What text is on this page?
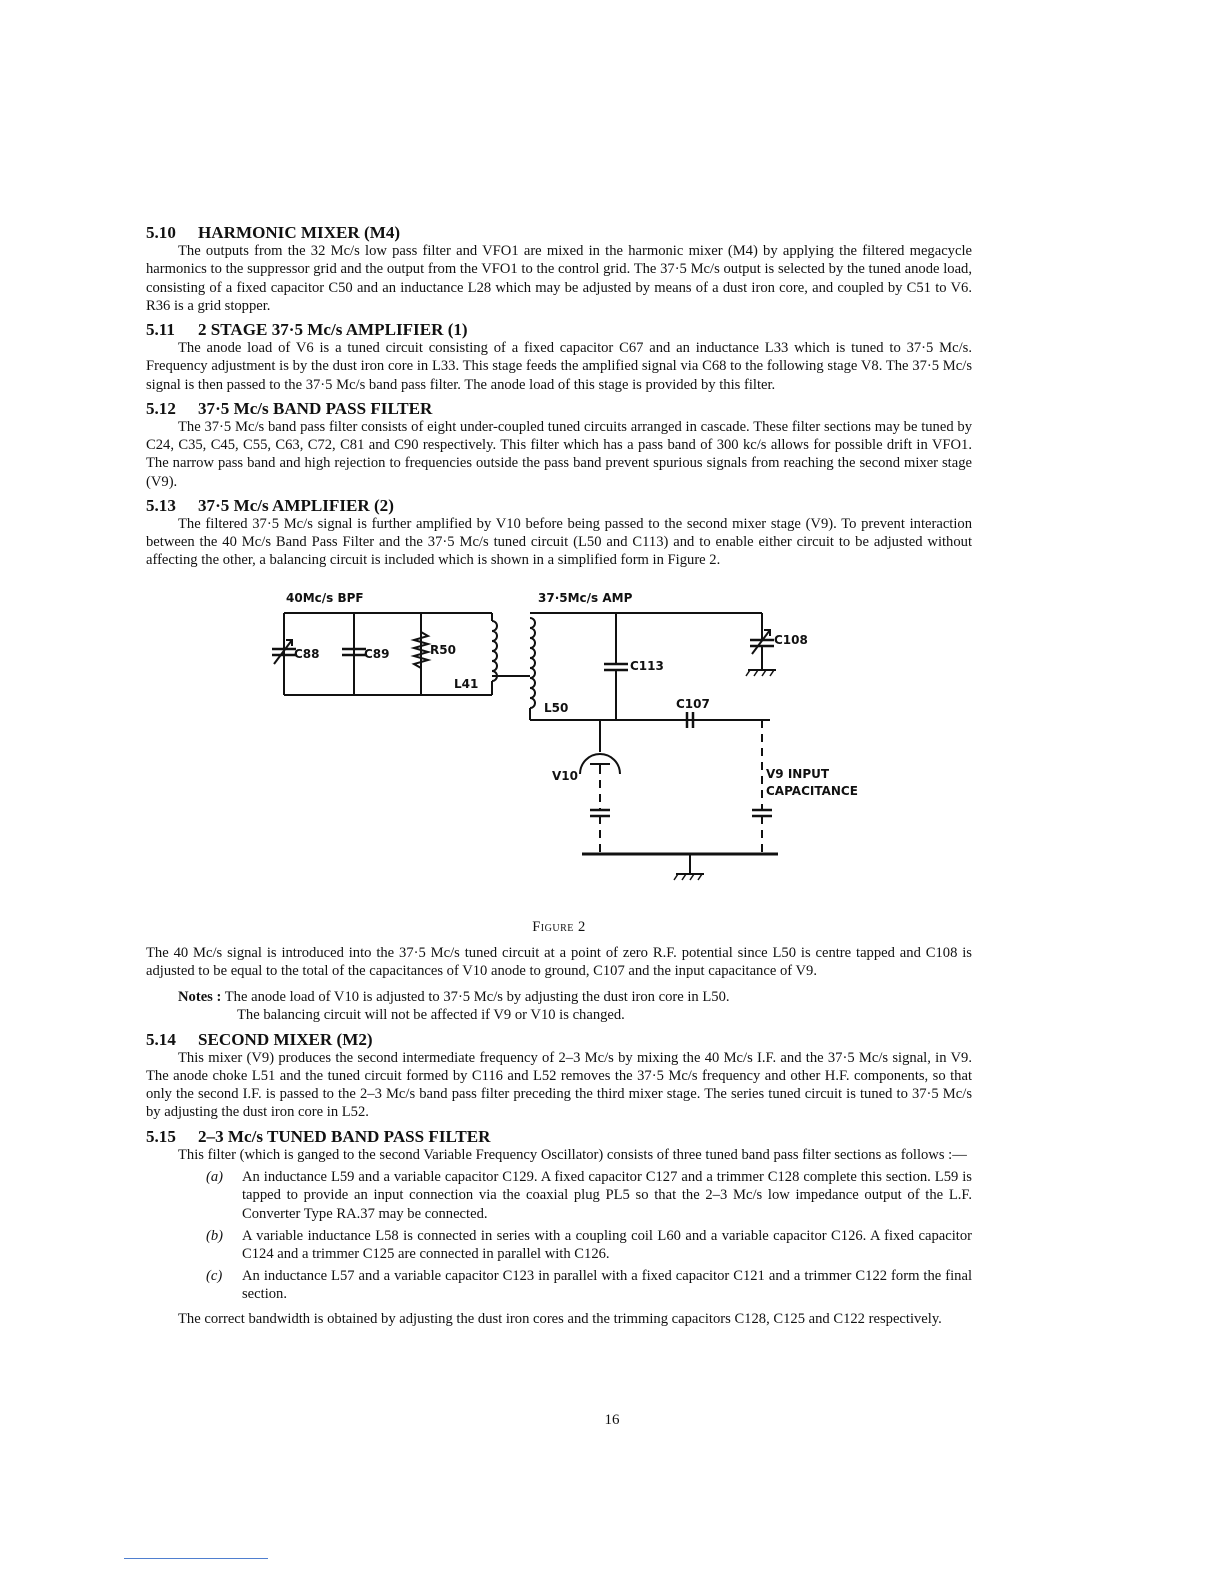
5.10 HARMONIC MIXER (M4)

The outputs from the 32 Mc/s low pass filter and VFO1 are mixed in the harmonic mixer (M4) by applying the filtered megacycle harmonics to the suppressor grid and the output from the VFO1 to the control grid. The 37·5 Mc/s output is selected by the tuned anode load, consisting of a fixed capacitor C50 and an inductance L28 which may be adjusted by means of a dust iron core, and coupled by C51 to V6. R36 is a grid stopper.

5.11 2 STAGE 37·5 Mc/s AMPLIFIER (1)

The anode load of V6 is a tuned circuit consisting of a fixed capacitor C67 and an inductance L33 which is tuned to 37·5 Mc/s. Frequency adjustment is by the dust iron core in L33. This stage feeds the amplified signal via C68 to the following stage V8. The 37·5 Mc/s signal is then passed to the 37·5 Mc/s band pass filter. The anode load of this stage is provided by this filter.

5.12 37·5 Mc/s BAND PASS FILTER

The 37·5 Mc/s band pass filter consists of eight under-coupled tuned circuits arranged in cascade. These filter sections may be tuned by C24, C35, C45, C55, C63, C72, C81 and C90 respectively. This filter which has a pass band of 300 kc/s allows for possible drift in VFO1. The narrow pass band and high rejection to frequencies outside the pass band prevent spurious signals from reaching the second mixer stage (V9).

5.13 37·5 Mc/s AMPLIFIER (2)

The filtered 37·5 Mc/s signal is further amplified by V10 before being passed to the second mixer stage (V9). To prevent interaction between the 40 Mc/s Band Pass Filter and the 37·5 Mc/s tuned circuit (L50 and C113) and to enable either circuit to be adjusted without affecting the other, a balancing circuit is included which is shown in a simplified form in Figure 2.

40Mc/s BPF	37·5Mc/s AMP
C88	C89	R50
L41
L50
C113
C107
C108
V10	V9 INPUT
CAPACITANCE
Figure 2

The 40 Mc/s signal is introduced into the 37·5 Mc/s tuned circuit at a point of zero R.F. potential since L50 is centre tapped and C108 is adjusted to be equal to the total of the capacitances of V10 anode to ground, C107 and the input capacitance of V9.

Notes : The anode load of V10 is adjusted to 37·5 Mc/s by adjusting the dust iron core in L50.
The balancing circuit will not be affected if V9 or V10 is changed.
5.14 SECOND MIXER (M2)

This mixer (V9) produces the second intermediate frequency of 2–3 Mc/s by mixing the 40 Mc/s I.F. and the 37·5 Mc/s signal, in V9. The anode choke L51 and the tuned circuit formed by C116 and L52 removes the 37·5 Mc/s frequency and other H.F. components, so that only the second I.F. is passed to the 2–3 Mc/s band pass filter preceding the third mixer stage. The series tuned circuit is tuned to 37·5 Mc/s by adjusting the dust iron core in L52.

5.15 2–3 Mc/s TUNED BAND PASS FILTER

This filter (which is ganged to the second Variable Frequency Oscillator) consists of three tuned band pass filter sections as follows :—

(a)	An inductance L59 and a variable capacitor C129. A fixed capacitor C127 and a trimmer C128 complete this section. L59 is tapped to provide an input connection via the coaxial plug PL5 so that the 2–3 Mc/s low impedance output of the L.F. Converter Type RA.37 may be connected.
(b)	A variable inductance L58 is connected in series with a coupling coil L60 and a variable capacitor C126. A fixed capacitor C124 and a trimmer C125 are connected in parallel with C126.
(c)	An inductance L57 and a variable capacitor C123 in parallel with a fixed capacitor C121 and a trimmer C122 form the final section.

The correct bandwidth is obtained by adjusting the dust iron cores and the trimming capacitors C128, C125 and C122 respectively.

16
